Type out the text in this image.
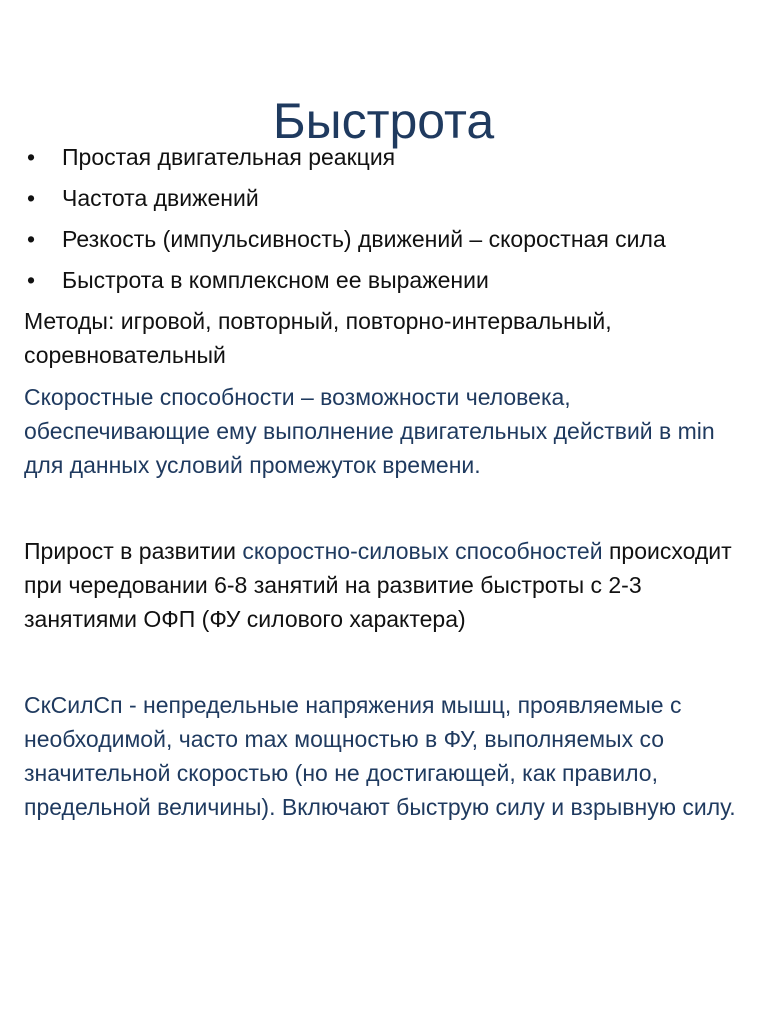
Быстрота
• Простая двигательная реакция
• Частота движений
• Резкость (импульсивность) движений – скоростная сила
• Быстрота в комплексном ее выражении

Методы: игровой, повторный, повторно-интервальный, соревновательный

Скоростные способности – возможности человека, обеспечивающие ему выполнение двигательных действий в min для данных условий промежуток времени.

Прирост в развитии скоростно-силовых способностей происходит при чередовании 6-8 занятий на развитие быстроты с 2-3 занятиями ОФП (ФУ силового характера)

СкСилСп - непредельные напряжения мышц, проявляемые с необходимой, часто max мощностью в ФУ, выполняемых со значительной скоростью (но не достигающей, как правило, предельной величины). Включают быструю силу и взрывную силу.
